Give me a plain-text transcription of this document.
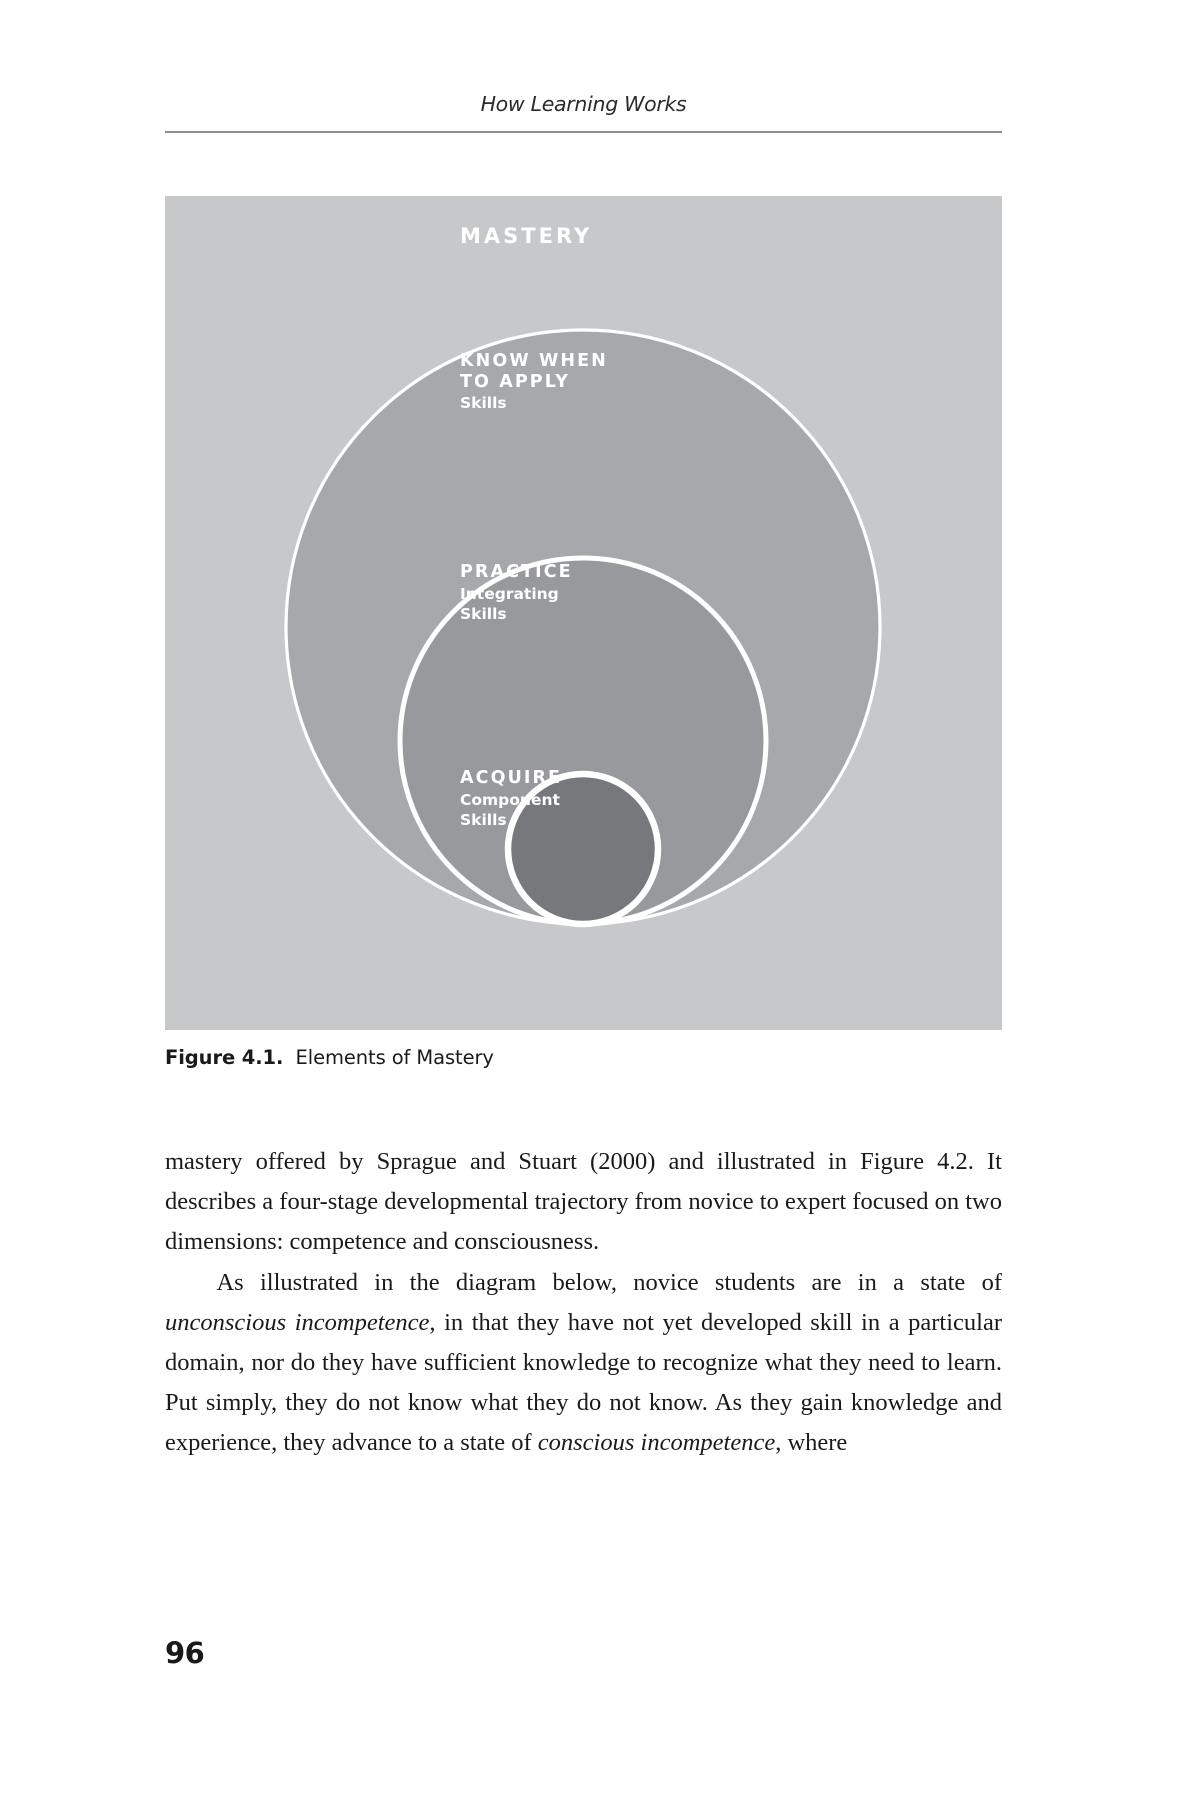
How Learning Works
MASTERY
KNOW WHEN
TO APPLY
Skills
PRACTICE
Integrating
Skills
ACQUIRE
Component
Skills
Figure 4.1. Elements of Mastery

mastery offered by Sprague and Stuart (2000) and illustrated in Figure 4.2. It describes a four-stage developmental trajectory from novice to expert focused on two dimensions: competence and consciousness.

As illustrated in the diagram below, novice students are in a state of unconscious incompetence, in that they have not yet developed skill in a particular domain, nor do they have sufficient knowledge to recognize what they need to learn. Put simply, they do not know what they do not know. As they gain knowledge and experience, they advance to a state of conscious incompetence, where

96
